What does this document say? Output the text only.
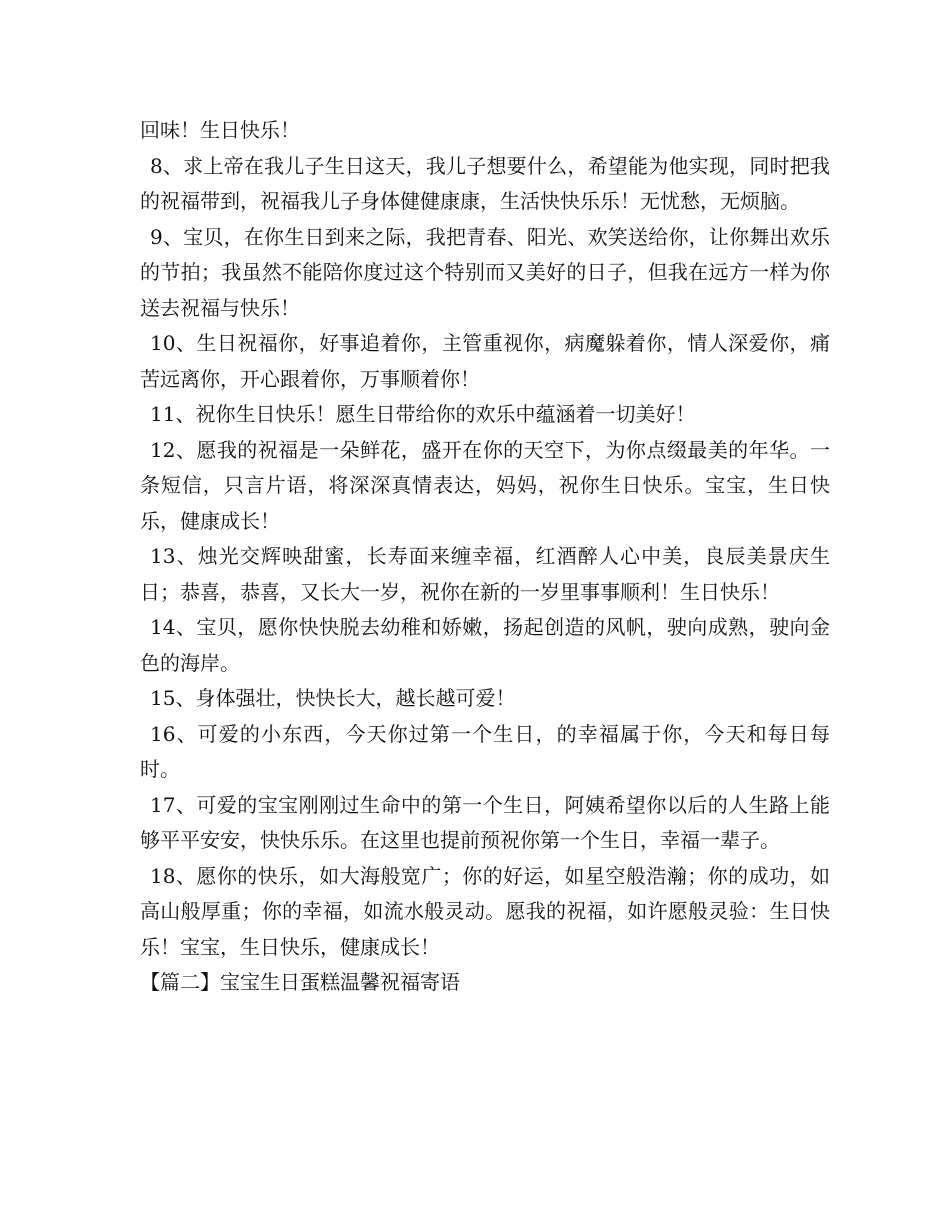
回味！生日快乐！

8、求上帝在我儿子生日这天，我儿子想要什么，希望能为他实现，同时把我的祝福带到，祝福我儿子身体健健康康，生活快快乐乐！无忧愁，无烦脑。

9、宝贝，在你生日到来之际，我把青春、阳光、欢笑送给你，让你舞出欢乐的节拍；我虽然不能陪你度过这个特别而又美好的日子，但我在远方一样为你送去祝福与快乐！

10、生日祝福你，好事追着你，主管重视你，病魔躲着你，情人深爱你，痛苦远离你，开心跟着你，万事顺着你！

11、祝你生日快乐！愿生日带给你的欢乐中蕴涵着一切美好！

12、愿我的祝福是一朵鲜花，盛开在你的天空下，为你点缀最美的年华。一条短信，只言片语，将深深真情表达，妈妈，祝你生日快乐。宝宝，生日快乐，健康成长！

13、烛光交辉映甜蜜，长寿面来缠幸福，红酒醉人心中美，良辰美景庆生日；恭喜，恭喜，又长大一岁，祝你在新的一岁里事事顺利！生日快乐！

14、宝贝，愿你快快脱去幼稚和娇嫩，扬起创造的风帆，驶向成熟，驶向金色的海岸。

15、身体强壮，快快长大，越长越可爱！

16、可爱的小东西，今天你过第一个生日，的幸福属于你，今天和每日每时。

17、可爱的宝宝刚刚过生命中的第一个生日，阿姨希望你以后的人生路上能够平平安安，快快乐乐。在这里也提前预祝你第一个生日，幸福一辈子。

18、愿你的快乐，如大海般宽广；你的好运，如星空般浩瀚；你的成功，如高山般厚重；你的幸福，如流水般灵动。愿我的祝福，如许愿般灵验：生日快乐！宝宝，生日快乐，健康成长！

【篇二】宝宝生日蛋糕温馨祝福寄语
